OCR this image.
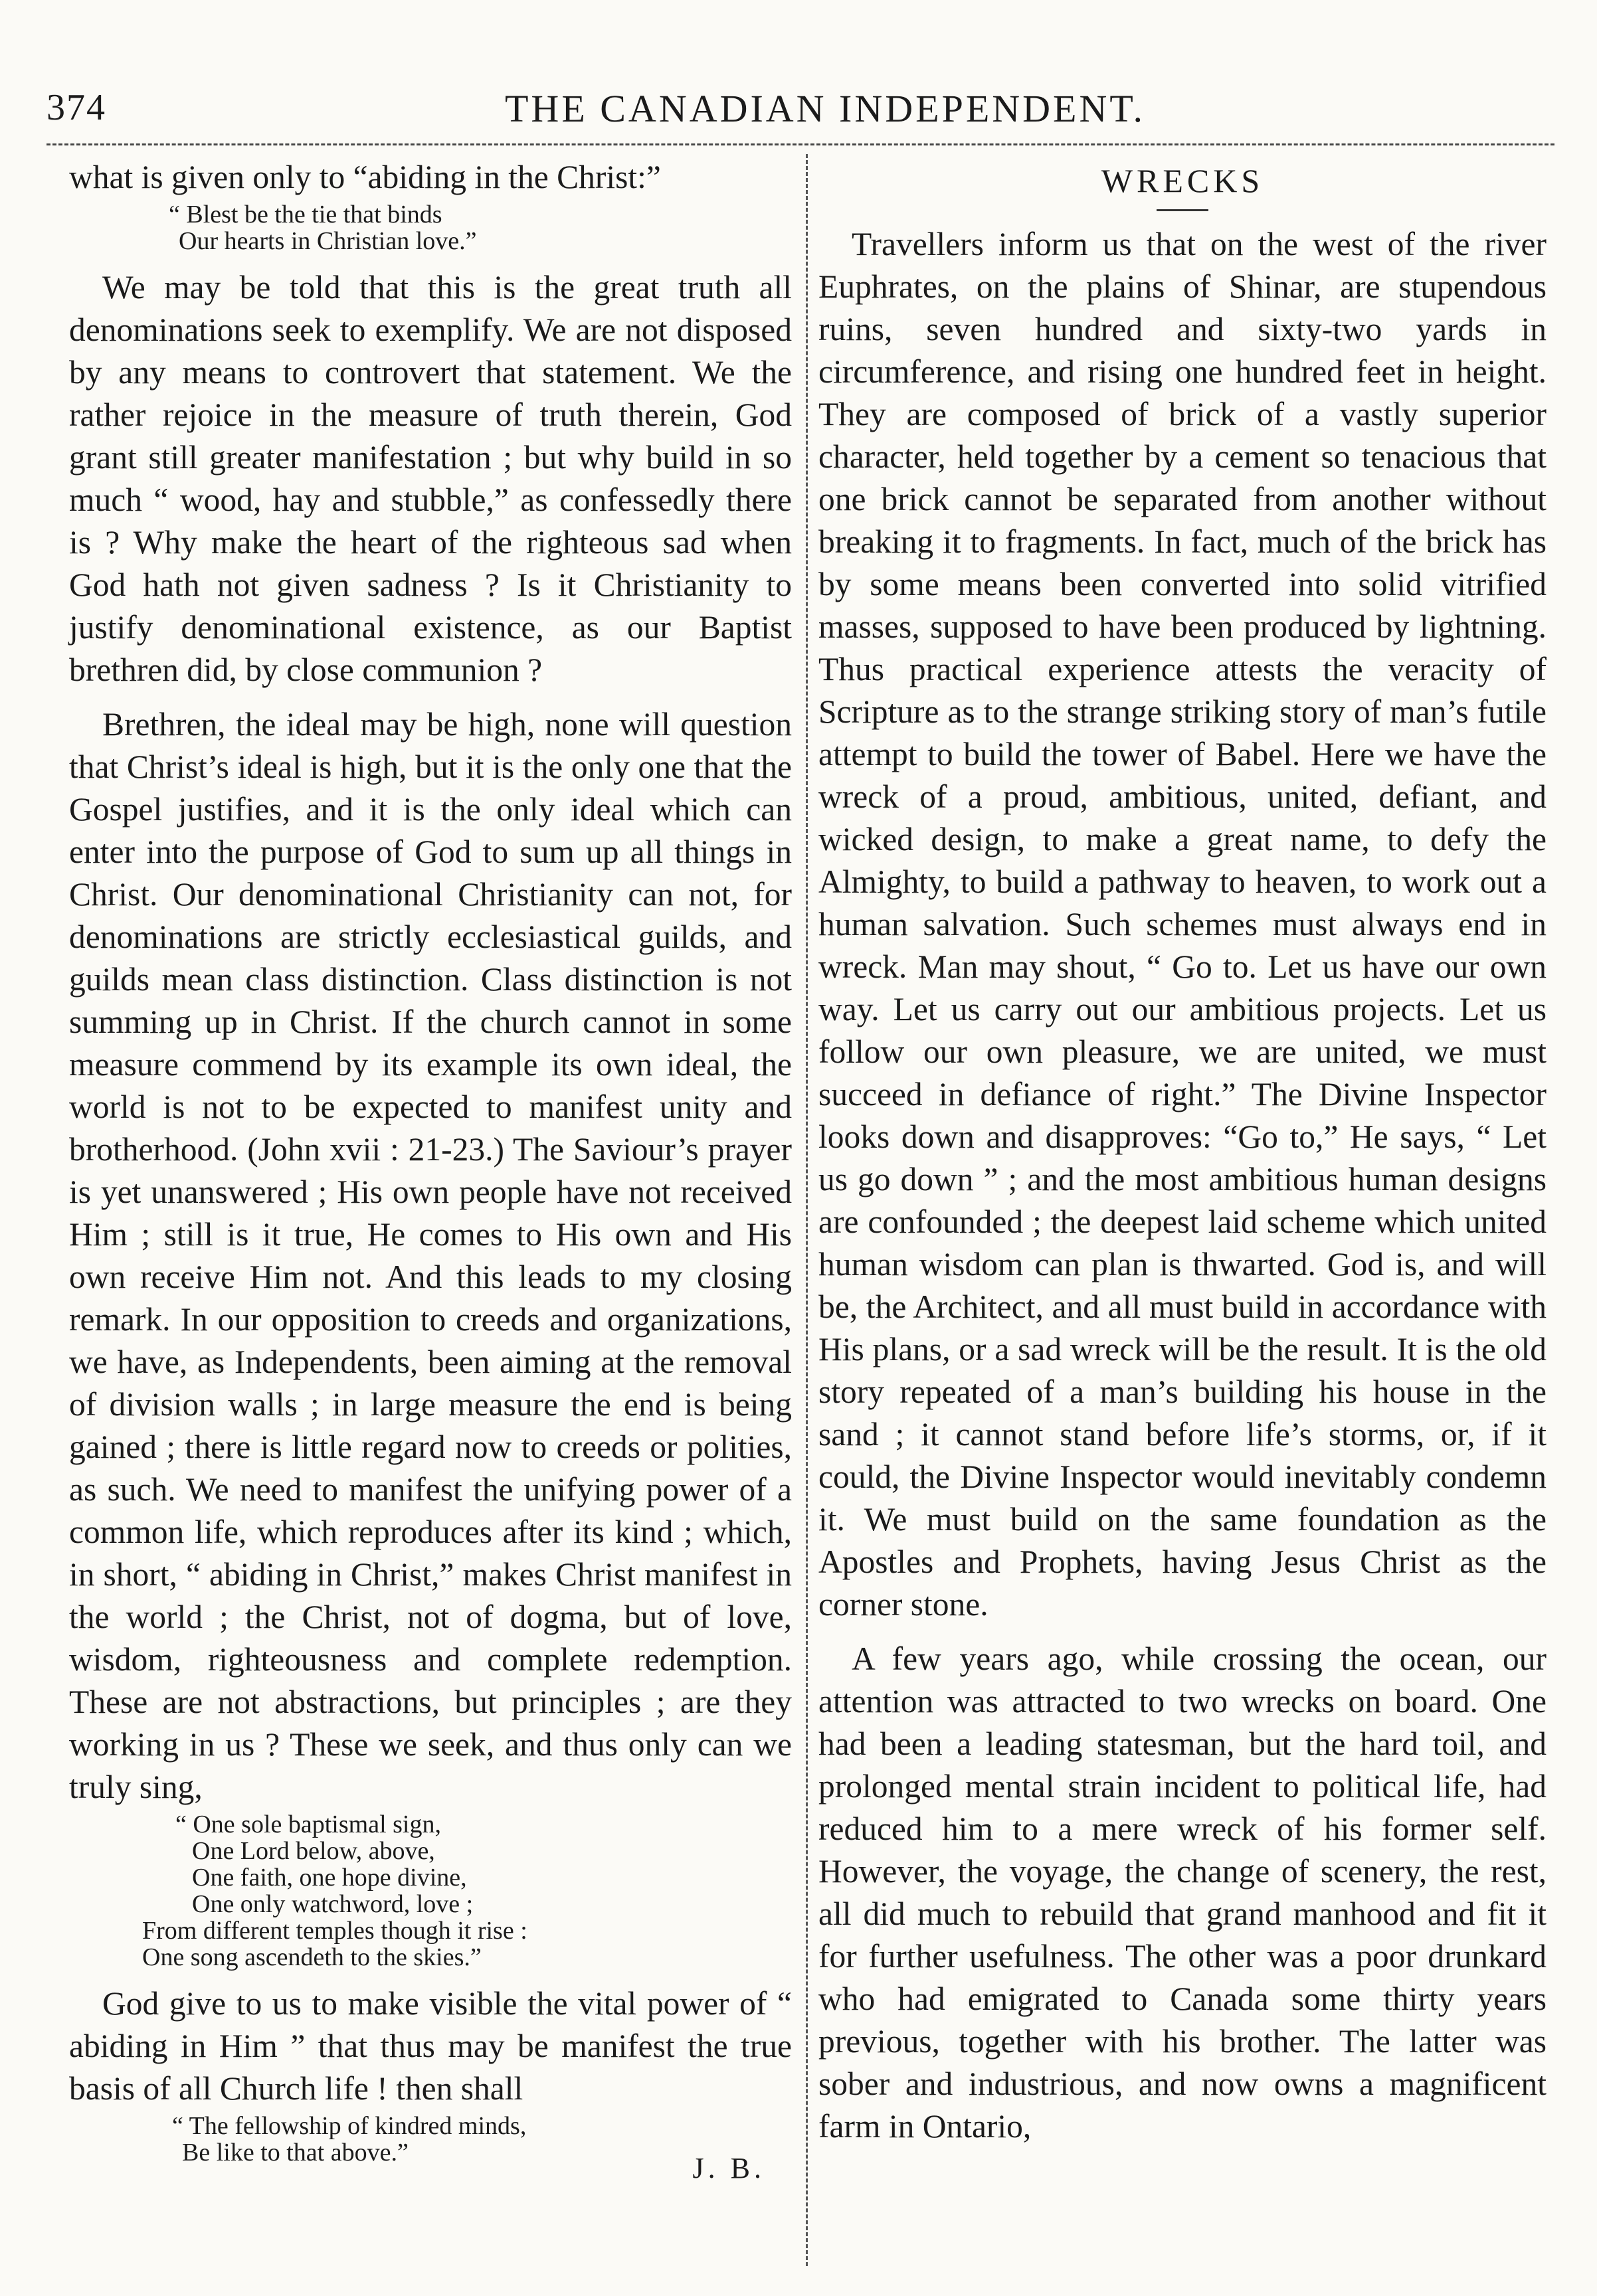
374	THE CANADIAN INDEPENDENT.

what is given only to “abiding in the Christ:”

“ Blest be the tie that binds
Our hearts in Christian love.”

We may be told that this is the great truth all denominations seek to exemplify. We are not disposed by any means to controvert that statement. We the rather rejoice in the measure of truth therein, God grant still greater manifestation ; but why build in so much “ wood, hay and stubble,” as confessedly there is ? Why make the heart of the righteous sad when God hath not given sadness ? Is it Christianity to justify denominational existence, as our Baptist brethren did, by close communion ?

Brethren, the ideal may be high, none will question that Christ’s ideal is high, but it is the only one that the Gospel justifies, and it is the only ideal which can enter into the purpose of God to sum up all things in Christ. Our denominational Christianity can not, for denominations are strictly ecclesiastical guilds, and guilds mean class distinction. Class distinction is not summing up in Christ. If the church cannot in some measure commend by its example its own ideal, the world is not to be expected to manifest unity and brotherhood. (John xvii : 21-23.) The Saviour’s prayer is yet unanswered ; His own people have not received Him ; still is it true, He comes to His own and His own receive Him not. And this leads to my closing remark. In our opposition to creeds and organizations, we have, as Independents, been aiming at the removal of division walls ; in large measure the end is being gained ; there is little regard now to creeds or polities, as such. We need to manifest the unifying power of a common life, which reproduces after its kind ; which, in short, “ abiding in Christ,” makes Christ manifest in the world ; the Christ, not of dogma, but of love, wisdom, righteousness and complete redemption. These are not abstractions, but principles ; are they working in us ? These we seek, and thus only can we truly sing,

“ One sole baptismal sign,
One Lord below, above,
One faith, one hope divine,
One only watchword, love ;
From different temples though it rise :
One song ascendeth to the skies.”

God give to us to make visible the vital power of “ abiding in Him ” that thus may be manifest the true basis of all Church life ! then shall

“ The fellowship of kindred minds,
Be like to that above.”	J. B.
WRECKS

Travellers inform us that on the west of the river Euphrates, on the plains of Shinar, are stupendous ruins, seven hundred and sixty-two yards in circumference, and rising one hundred feet in height. They are composed of brick of a vastly superior character, held together by a cement so tenacious that one brick cannot be separated from another without breaking it to fragments. In fact, much of the brick has by some means been converted into solid vitrified masses, supposed to have been produced by lightning. Thus practical experience attests the veracity of Scripture as to the strange striking story of man’s futile attempt to build the tower of Babel. Here we have the wreck of a proud, ambitious, united, defiant, and wicked design, to make a great name, to defy the Almighty, to build a pathway to heaven, to work out a human salvation. Such schemes must always end in wreck. Man may shout, “ Go to. Let us have our own way. Let us carry out our ambitious projects. Let us follow our own pleasure, we are united, we must succeed in defiance of right.” The Divine Inspector looks down and disapproves: “Go to,” He says, “ Let us go down ” ; and the most ambitious human designs are confounded ; the deepest laid scheme which united human wisdom can plan is thwarted. God is, and will be, the Architect, and all must build in accordance with His plans, or a sad wreck will be the result. It is the old story repeated of a man’s building his house in the sand ; it cannot stand before life’s storms, or, if it could, the Divine Inspector would inevitably condemn it. We must build on the same foundation as the Apostles and Prophets, having Jesus Christ as the corner stone.

A few years ago, while crossing the ocean, our attention was attracted to two wrecks on board. One had been a leading statesman, but the hard toil, and prolonged mental strain incident to political life, had reduced him to a mere wreck of his former self. However, the voyage, the change of scenery, the rest, all did much to rebuild that grand manhood and fit it for further usefulness. The other was a poor drunkard who had emigrated to Canada some thirty years previous, together with his brother. The latter was sober and industrious, and now owns a magnificent farm in Ontario,
